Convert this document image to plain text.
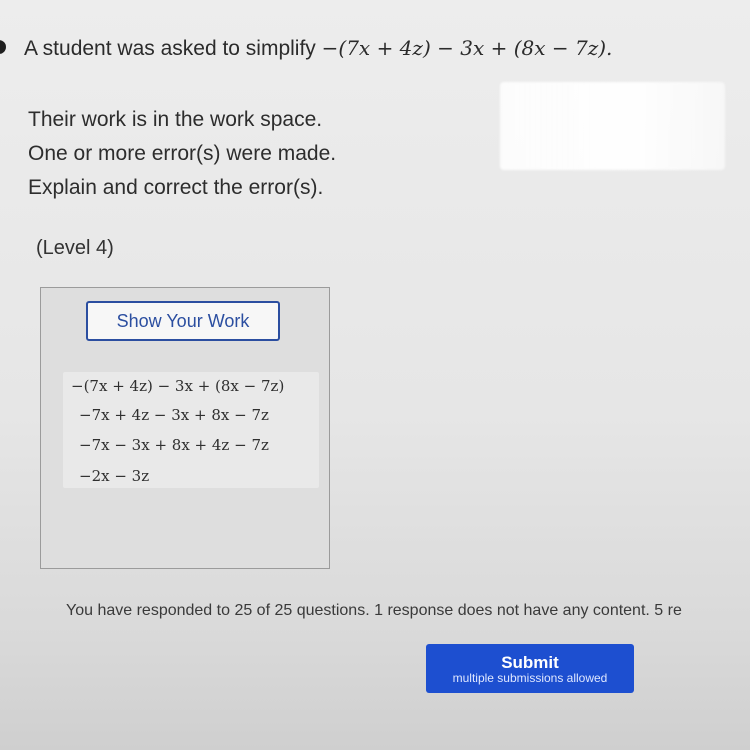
A student was asked to simplify −(7x + 4z) − 3x + (8x − 7z).
Their work is in the work space.
One or more error(s) were made.
Explain and correct the error(s).
(Level 4)
Show Your Work
−(7x + 4z) − 3x + (8x − 7z)
−7x + 4z − 3x + 8x − 7z
−7x − 3x + 8x + 4z − 7z
−2x − 3z
You have responded to 25 of 25 questions. 1 response does not have any content. 5 re
Submit
multiple submissions allowed
